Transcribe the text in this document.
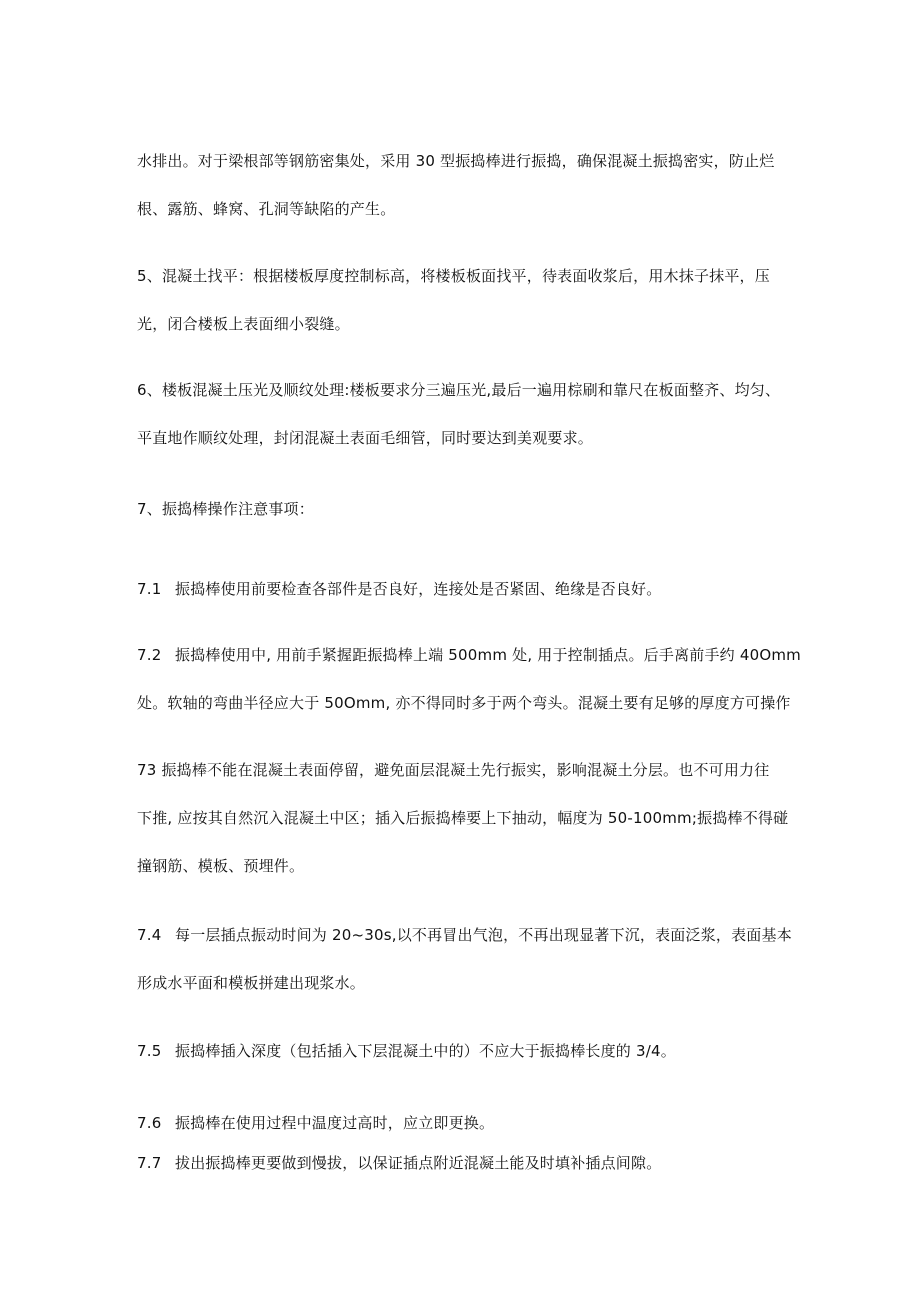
水排出。对于梁根部等钢筋密集处，采用 30 型振捣棒进行振捣，确保混凝土振捣密实，防止烂
根、露筋、蜂窝、孔洞等缺陷的产生。
5、混凝土找平：根据楼板厚度控制标高，将楼板板面找平，待表面收浆后，用木抹子抹平，压
光，闭合楼板上表面细小裂缝。
6、楼板混凝土压光及顺纹处理:楼板要求分三遍压光,最后一遍用棕刷和靠尺在板面整齐、均匀、
平直地作顺纹处理，封闭混凝土表面毛细管，同时要达到美观要求。
7、振捣棒操作注意事项：
7.1 振捣棒使用前要检查各部件是否良好，连接处是否紧固、绝缘是否良好。
7.2 振捣棒使用中, 用前手紧握距振捣棒上端 500mm 处, 用于控制插点。后手离前手约 40Omm
处。软轴的弯曲半径应大于 50Omm, 亦不得同时多于两个弯头。混凝土要有足够的厚度方可操作
73 振捣棒不能在混凝土表面停留，避免面层混凝土先行振实，影响混凝土分层。也不可用力往
下推, 应按其自然沉入混凝土中区；插入后振捣棒要上下抽动，幅度为 50-100mm;振捣棒不得碰
撞钢筋、模板、预埋件。
7.4 每一层插点振动时间为 20~30s,以不再冒出气泡，不再出现显著下沉，表面泛浆，表面基本
形成水平面和模板拼建出现浆水。
7.5 振捣棒插入深度（包括插入下层混凝土中的）不应大于振捣棒长度的 3/4。
7.6 振捣棒在使用过程中温度过高时，应立即更换。
7.7 拔出振捣棒更要做到慢拔，以保证插点附近混凝土能及时填补插点间隙。
